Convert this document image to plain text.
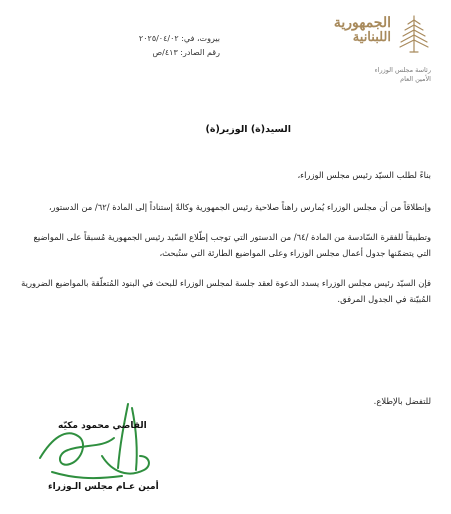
الجمهورية
اللبنانية
رئاسة مجلس الوزراء
الأمين العام
بيروت، في: ٢٠٢٥/٠٤/٠٢
رقم الصادر: ٤١٣/ص
السيد(ة) الوزير(ة)

بناءً لطلب السيّد رئيس مجلس الوزراء،

وإنطلاقاً من أن مجلس الوزراء يُمارس راهناً صلاحية رئيس الجمهورية وكالةً إستناداً إلى المادة /٦٢/ من الدستور،

وتطبيقاً للفقرة السّادسة من المادة /٦٤/ من الدستور التي توجب إطّلاع السّيد رئيس الجمهورية مُسبقاً على المواضيع التي يتضمّنها جدول أعمال مجلس الوزراء وعلى المواضيع الطارئة التي ستُبحث،

فإن السيّد رئيس مجلس الوزراء يسدد الدعوة لعقد جلسة لمجلس الوزراء للبحث في البنود المُتعلّقة بالمواضيع الضرورية المُبيّنة في الجدول المرفق.

للتفضل بالإطلاع.
القاضي محمود مكيّه
أمين عـام مجلس الـوزراء
